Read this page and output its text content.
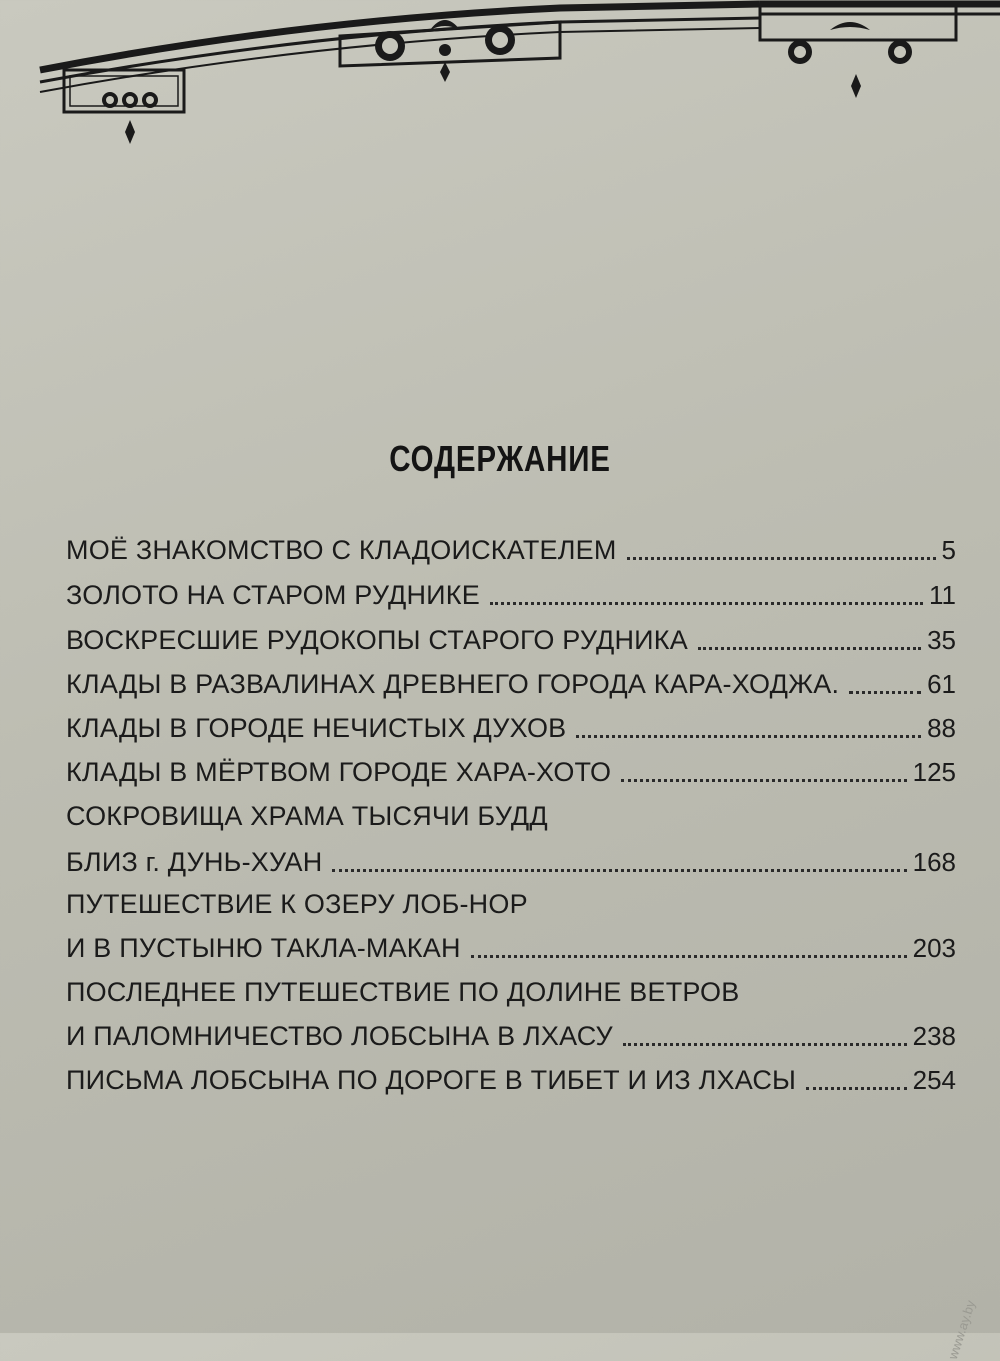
СОДЕРЖАНИЕ
МОЁ ЗНАКОМСТВО С КЛАДОИСКАТЕЛЕМ	5
ЗОЛОТО НА СТАРОМ РУДНИКЕ	11
ВОСКРЕСШИЕ РУДОКОПЫ СТАРОГО РУДНИКА	35
КЛАДЫ В РАЗВАЛИНАХ ДРЕВНЕГО ГОРОДА КАРА-ХОДЖА.	61
КЛАДЫ В ГОРОДЕ НЕЧИСТЫХ ДУХОВ	88
КЛАДЫ В МЁРТВОМ ГОРОДЕ ХАРА-ХОТО	125
СОКРОВИЩА ХРАМА ТЫСЯЧИ БУДД
БЛИЗ г. ДУНЬ-ХУАН	168
ПУТЕШЕСТВИЕ К ОЗЕРУ ЛОБ-НОР
И В ПУСТЫНЮ ТАКЛА-МАКАН	203
ПОСЛЕДНЕЕ ПУТЕШЕСТВИЕ ПО ДОЛИНЕ ВЕТРОВ
И ПАЛОМНИЧЕСТВО ЛОБСЫНА В ЛХАСУ	238
ПИСЬМА ЛОБСЫНА ПО ДОРОГЕ В ТИБЕТ И ИЗ ЛХАСЫ	254
www.ay.by
